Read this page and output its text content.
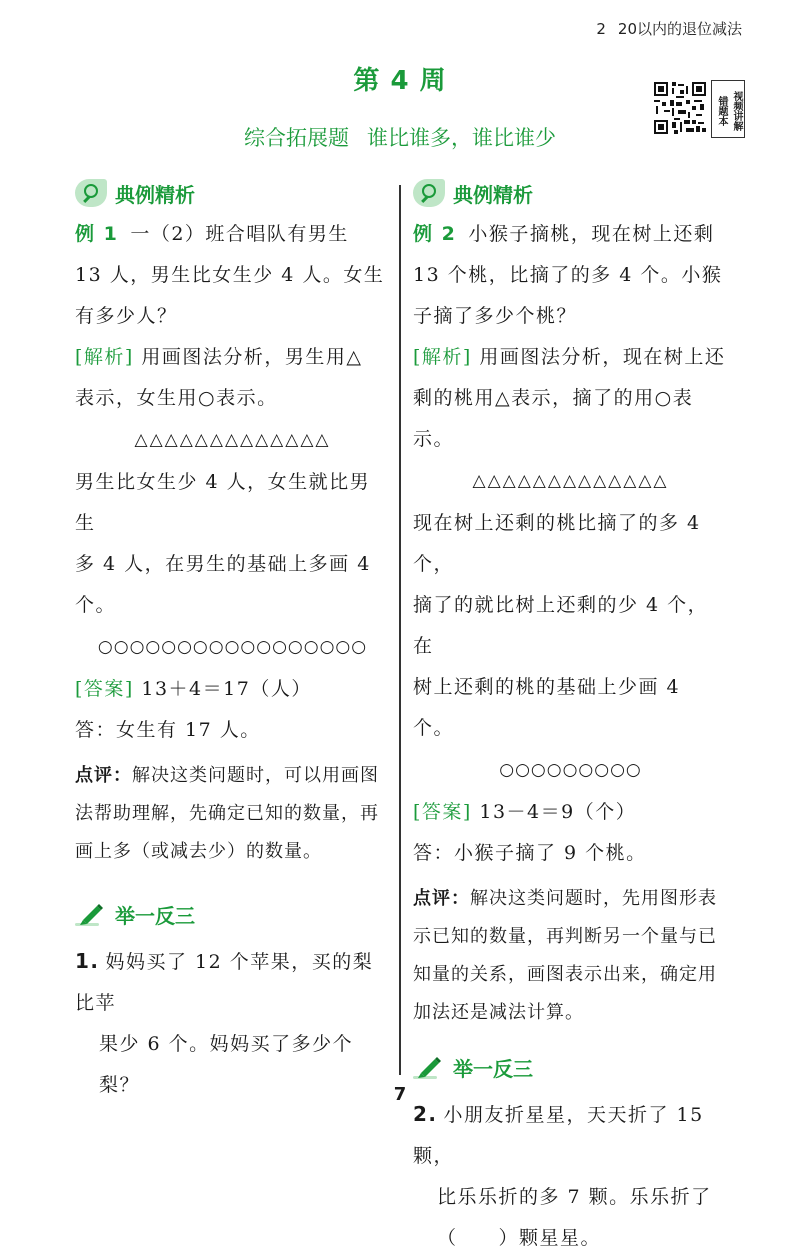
2 20以内的退位减法
第 4 周
综合拓展题 谁比谁多，谁比谁少
错题本 视频讲解
典例精析

例 1 一（2）班合唱队有男生

13 人，男生比女生少 4 人。女生

有多少人？

[解析] 用画图法分析，男生用△

表示，女生用○表示。

△△△△△△△△△△△△△

男生比女生少 4 人，女生就比男生

多 4 人，在男生的基础上多画 4 个。

○○○○○○○○○○○○○○○○○

[答案] 13＋4＝17（人）

答：女生有 17 人。

点评：解决这类问题时，可以用画图

法帮助理解，先确定已知的数量，再

画上多（或减去少）的数量。

举一反三

1. 妈妈买了 12 个苹果，买的梨比苹

果少 6 个。妈妈买了多少个梨？

典例精析

例 2 小猴子摘桃，现在树上还剩

13 个桃，比摘了的多 4 个。小猴

子摘了多少个桃？

[解析] 用画图法分析，现在树上还

剩的桃用△表示，摘了的用○表示。

△△△△△△△△△△△△△

现在树上还剩的桃比摘了的多 4 个，

摘了的就比树上还剩的少 4 个，在

树上还剩的桃的基础上少画 4 个。

○○○○○○○○○

[答案] 13－4＝9（个）

答：小猴子摘了 9 个桃。

点评：解决这类问题时，先用图形表

示已知的数量，再判断另一个量与已

知量的关系，画图表示出来，确定用

加法还是减法计算。

举一反三

2. 小朋友折星星，天天折了 15 颗，

比乐乐折的多 7 颗。乐乐折了

（　　）颗星星。

7
